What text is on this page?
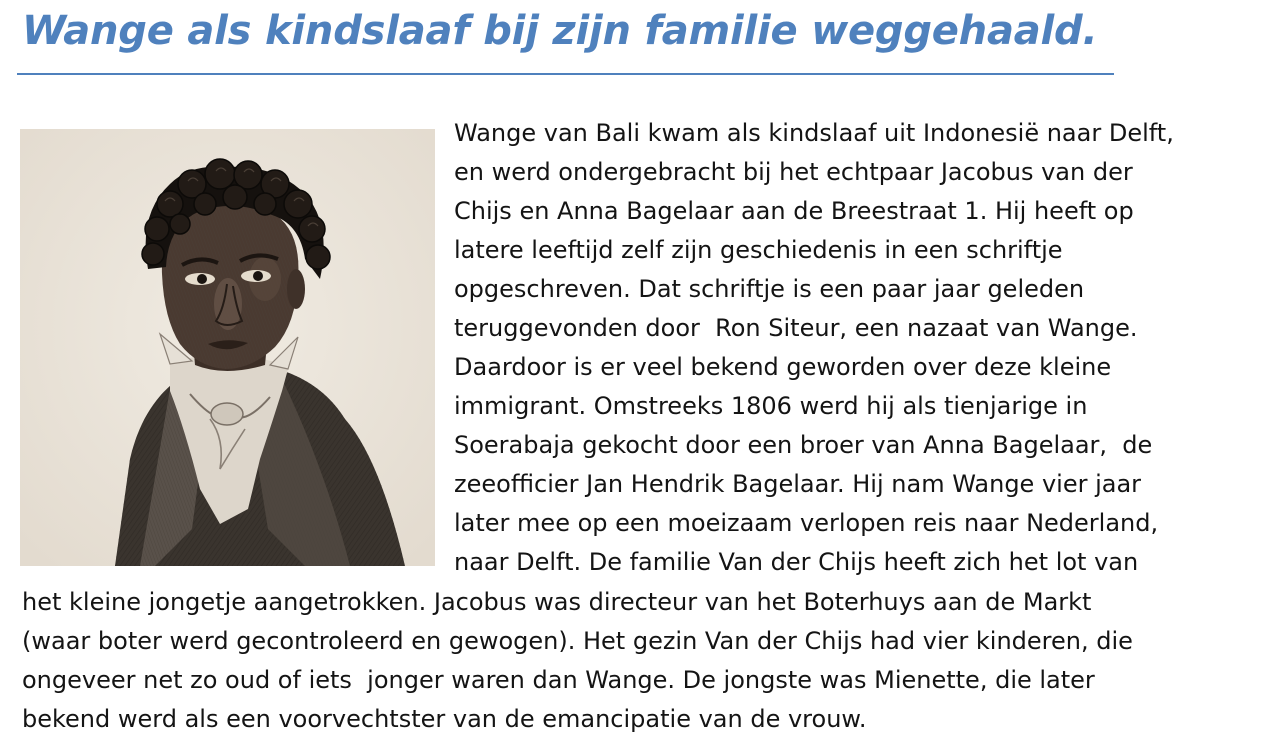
Wange als kindslaaf bij zijn familie weggehaald.

Wange van Bali kwam als kindslaaf uit Indonesië naar Delft,

en werd ondergebracht bij het echtpaar Jacobus van der

Chijs en Anna Bagelaar aan de Breestraat 1. Hij heeft op

latere leeftijd zelf zijn geschiedenis in een schriftje

opgeschreven. Dat schriftje is een paar jaar geleden

teruggevonden door  Ron Siteur, een nazaat van Wange.

Daardoor is er veel bekend geworden over deze kleine

immigrant. Omstreeks 1806 werd hij als tienjarige in

Soerabaja gekocht door een broer van Anna Bagelaar,  de

zeeofficier Jan Hendrik Bagelaar. Hij nam Wange vier jaar

later mee op een moeizaam verlopen reis naar Nederland,

naar Delft. De familie Van der Chijs heeft zich het lot van

het kleine jongetje aangetrokken. Jacobus was directeur van het Boterhuys aan de Markt

(waar boter werd gecontroleerd en gewogen). Het gezin Van der Chijs had vier kinderen, die

ongeveer net zo oud of iets  jonger waren dan Wange. De jongste was Mienette, die later

bekend werd als een voorvechtster van de emancipatie van de vrouw.
